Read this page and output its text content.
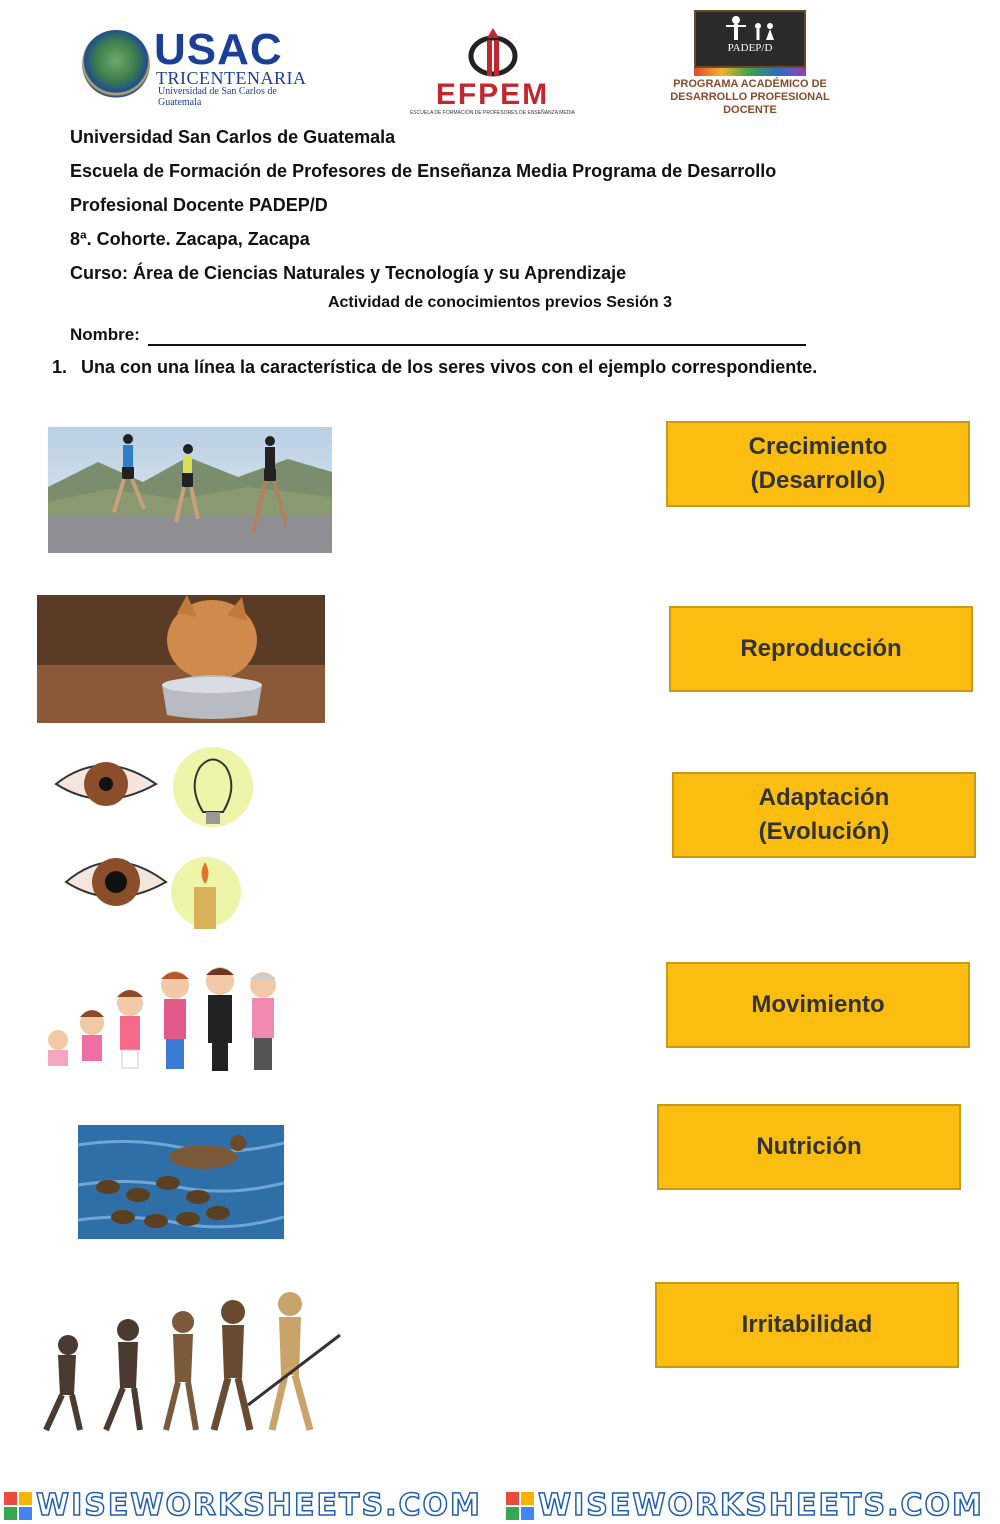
USAC
TRICENTENARIA
Universidad de San Carlos de Guatemala	EFPEM
ESCUELA DE FORMACIÓN DE PROFESORES DE ENSEÑANZA MEDIA
PADEP/D
PROGRAMA ACADÉMICO DE
DESARROLLO PROFESIONAL DOCENTE
Universidad San Carlos de Guatemala
Escuela de Formación de Profesores de Enseñanza Media Programa de Desarrollo
Profesional Docente PADEP/D
8ª. Cohorte. Zacapa, Zacapa
Curso: Área de Ciencias Naturales y Tecnología y su Aprendizaje
Actividad de conocimientos previos Sesión 3
Nombre:
1. Una con una línea la característica de los seres vivos con el ejemplo correspondiente.
Crecimiento
(Desarrollo)
Reproducción
Adaptación
(Evolución)
Movimiento
Nutrición
Irritabilidad
WISEWORKSHEETS.COM WISEWORKSHEETS.COM
